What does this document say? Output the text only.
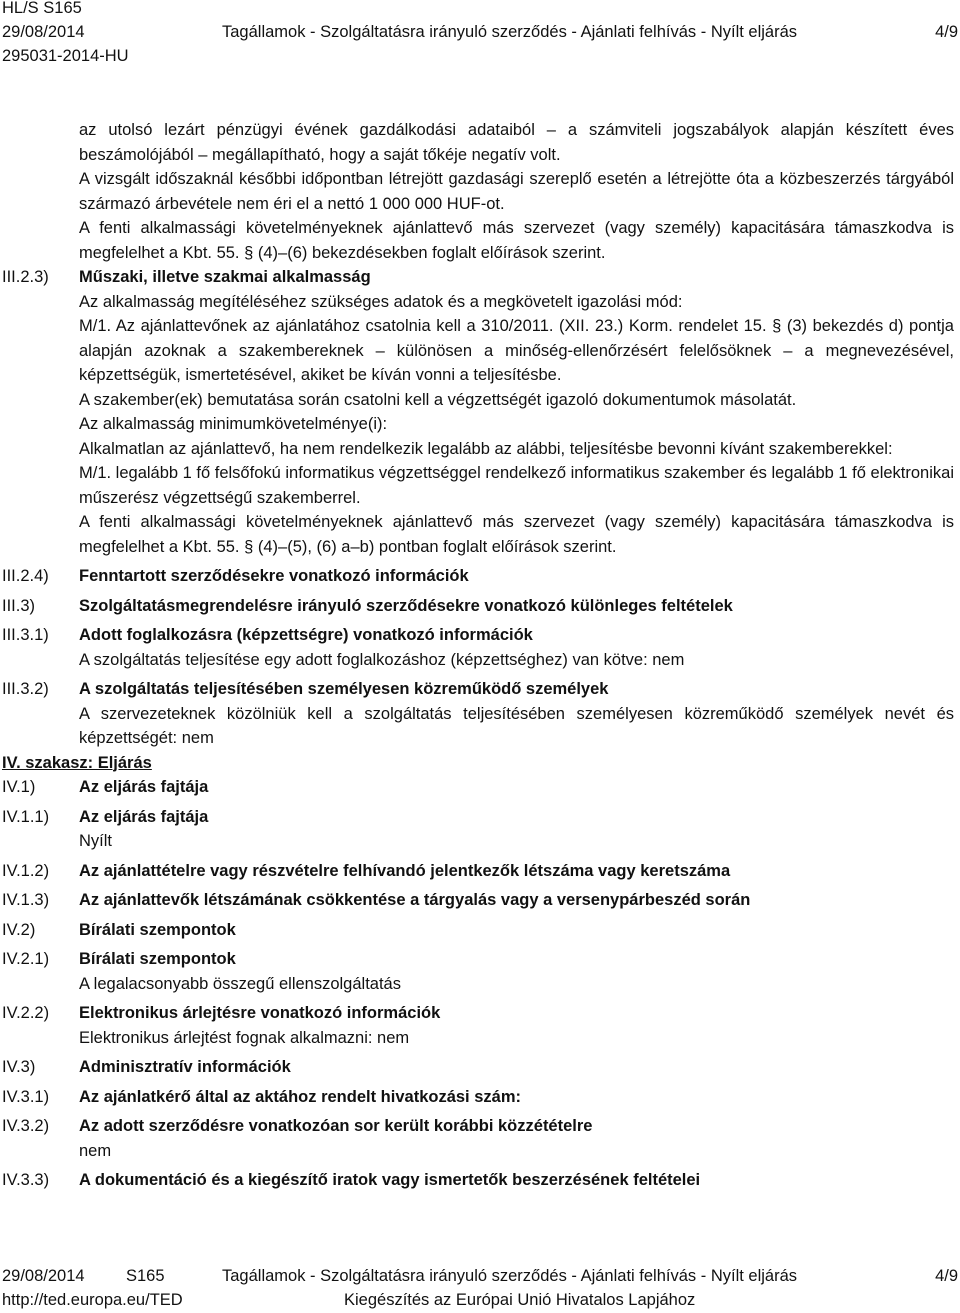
HL/S S165
29/08/2014
295031-2014-HU
Tagállamok - Szolgáltatásra irányuló szerződés - Ajánlati felhívás - Nyílt eljárás	4/9

az utolsó lezárt pénzügyi évének gazdálkodási adataiból – a számviteli jogszabályok alapján készített éves beszámolójából – megállapítható, hogy a saját tőkéje negatív volt.

A vizsgált időszaknál későbbi időpontban létrejött gazdasági szereplő esetén a létrejötte óta a közbeszerzés tárgyából származó árbevétele nem éri el a nettó 1 000 000 HUF-ot.

A fenti alkalmassági követelményeknek ajánlattevő más szervezet (vagy személy) kapacitására támaszkodva is megfelelhet a Kbt. 55. § (4)–(6) bekezdésekben foglalt előírások szerint.

III.2.3) Műszaki, illetve szakmai alkalmasság

Az alkalmasság megítéléséhez szükséges adatok és a megkövetelt igazolási mód:

M/1. Az ajánlattevőnek az ajánlatához csatolnia kell a 310/2011. (XII. 23.) Korm. rendelet 15. § (3) bekezdés d) pontja alapján azoknak a szakembereknek – különösen a minőség-ellenőrzésért felelősöknek – a megnevezésével, képzettségük, ismertetésével, akiket be kíván vonni a teljesítésbe.

A szakember(ek) bemutatása során csatolni kell a végzettségét igazoló dokumentumok másolatát.

Az alkalmasság minimumkövetelménye(i):

Alkalmatlan az ajánlattevő, ha nem rendelkezik legalább az alábbi, teljesítésbe bevonni kívánt szakemberekkel:

M/1. legalább 1 fő felsőfokú informatikus végzettséggel rendelkező informatikus szakember és legalább 1 fő elektronikai műszerész végzettségű szakemberrel.

A fenti alkalmassági követelményeknek ajánlattevő más szervezet (vagy személy) kapacitására támaszkodva is megfelelhet a Kbt. 55. § (4)–(5), (6) a–b) pontban foglalt előírások szerint.

III.2.4) Fenntartott szerződésekre vonatkozó információk

III.3)	Szolgáltatásmegrendelésre irányuló szerződésekre vonatkozó különleges feltételek

III.3.1) Adott foglalkozásra (képzettségre) vonatkozó információk

A szolgáltatás teljesítése egy adott foglalkozáshoz (képzettséghez) van kötve: nem

III.3.2) A szolgáltatás teljesítésében személyesen közreműködő személyek

A szervezeteknek közölniük kell a szolgáltatás teljesítésében személyesen közreműködő személyek nevét és képzettségét: nem

IV. szakasz: Eljárás

IV.1)	Az eljárás fajtája

IV.1.1) Az eljárás fajtája

Nyílt

IV.1.2) Az ajánlattételre vagy részvételre felhívandó jelentkezők létszáma vagy keretszáma

IV.1.3) Az ajánlattevők létszámának csökkentése a tárgyalás vagy a versenypárbeszéd során

IV.2)	Bírálati szempontok

IV.2.1) Bírálati szempontok

A legalacsonyabb összegű ellenszolgáltatás

IV.2.2) Elektronikus árlejtésre vonatkozó információk

Elektronikus árlejtést fognak alkalmazni: nem

IV.3)	Adminisztratív információk

IV.3.1) Az ajánlatkérő által az aktához rendelt hivatkozási szám:

IV.3.2) Az adott szerződésre vonatkozóan sor került korábbi közzétételre

nem

IV.3.3) A dokumentáció és a kiegészítő iratok vagy ismertetők beszerzésének feltételei

29/08/2014	S165	Tagállamok - Szolgáltatásra irányuló szerződés - Ajánlati felhívás - Nyílt eljárás	4/9
http://ted.europa.eu/TED	Kiegészítés az Európai Unió Hivatalos Lapjához
